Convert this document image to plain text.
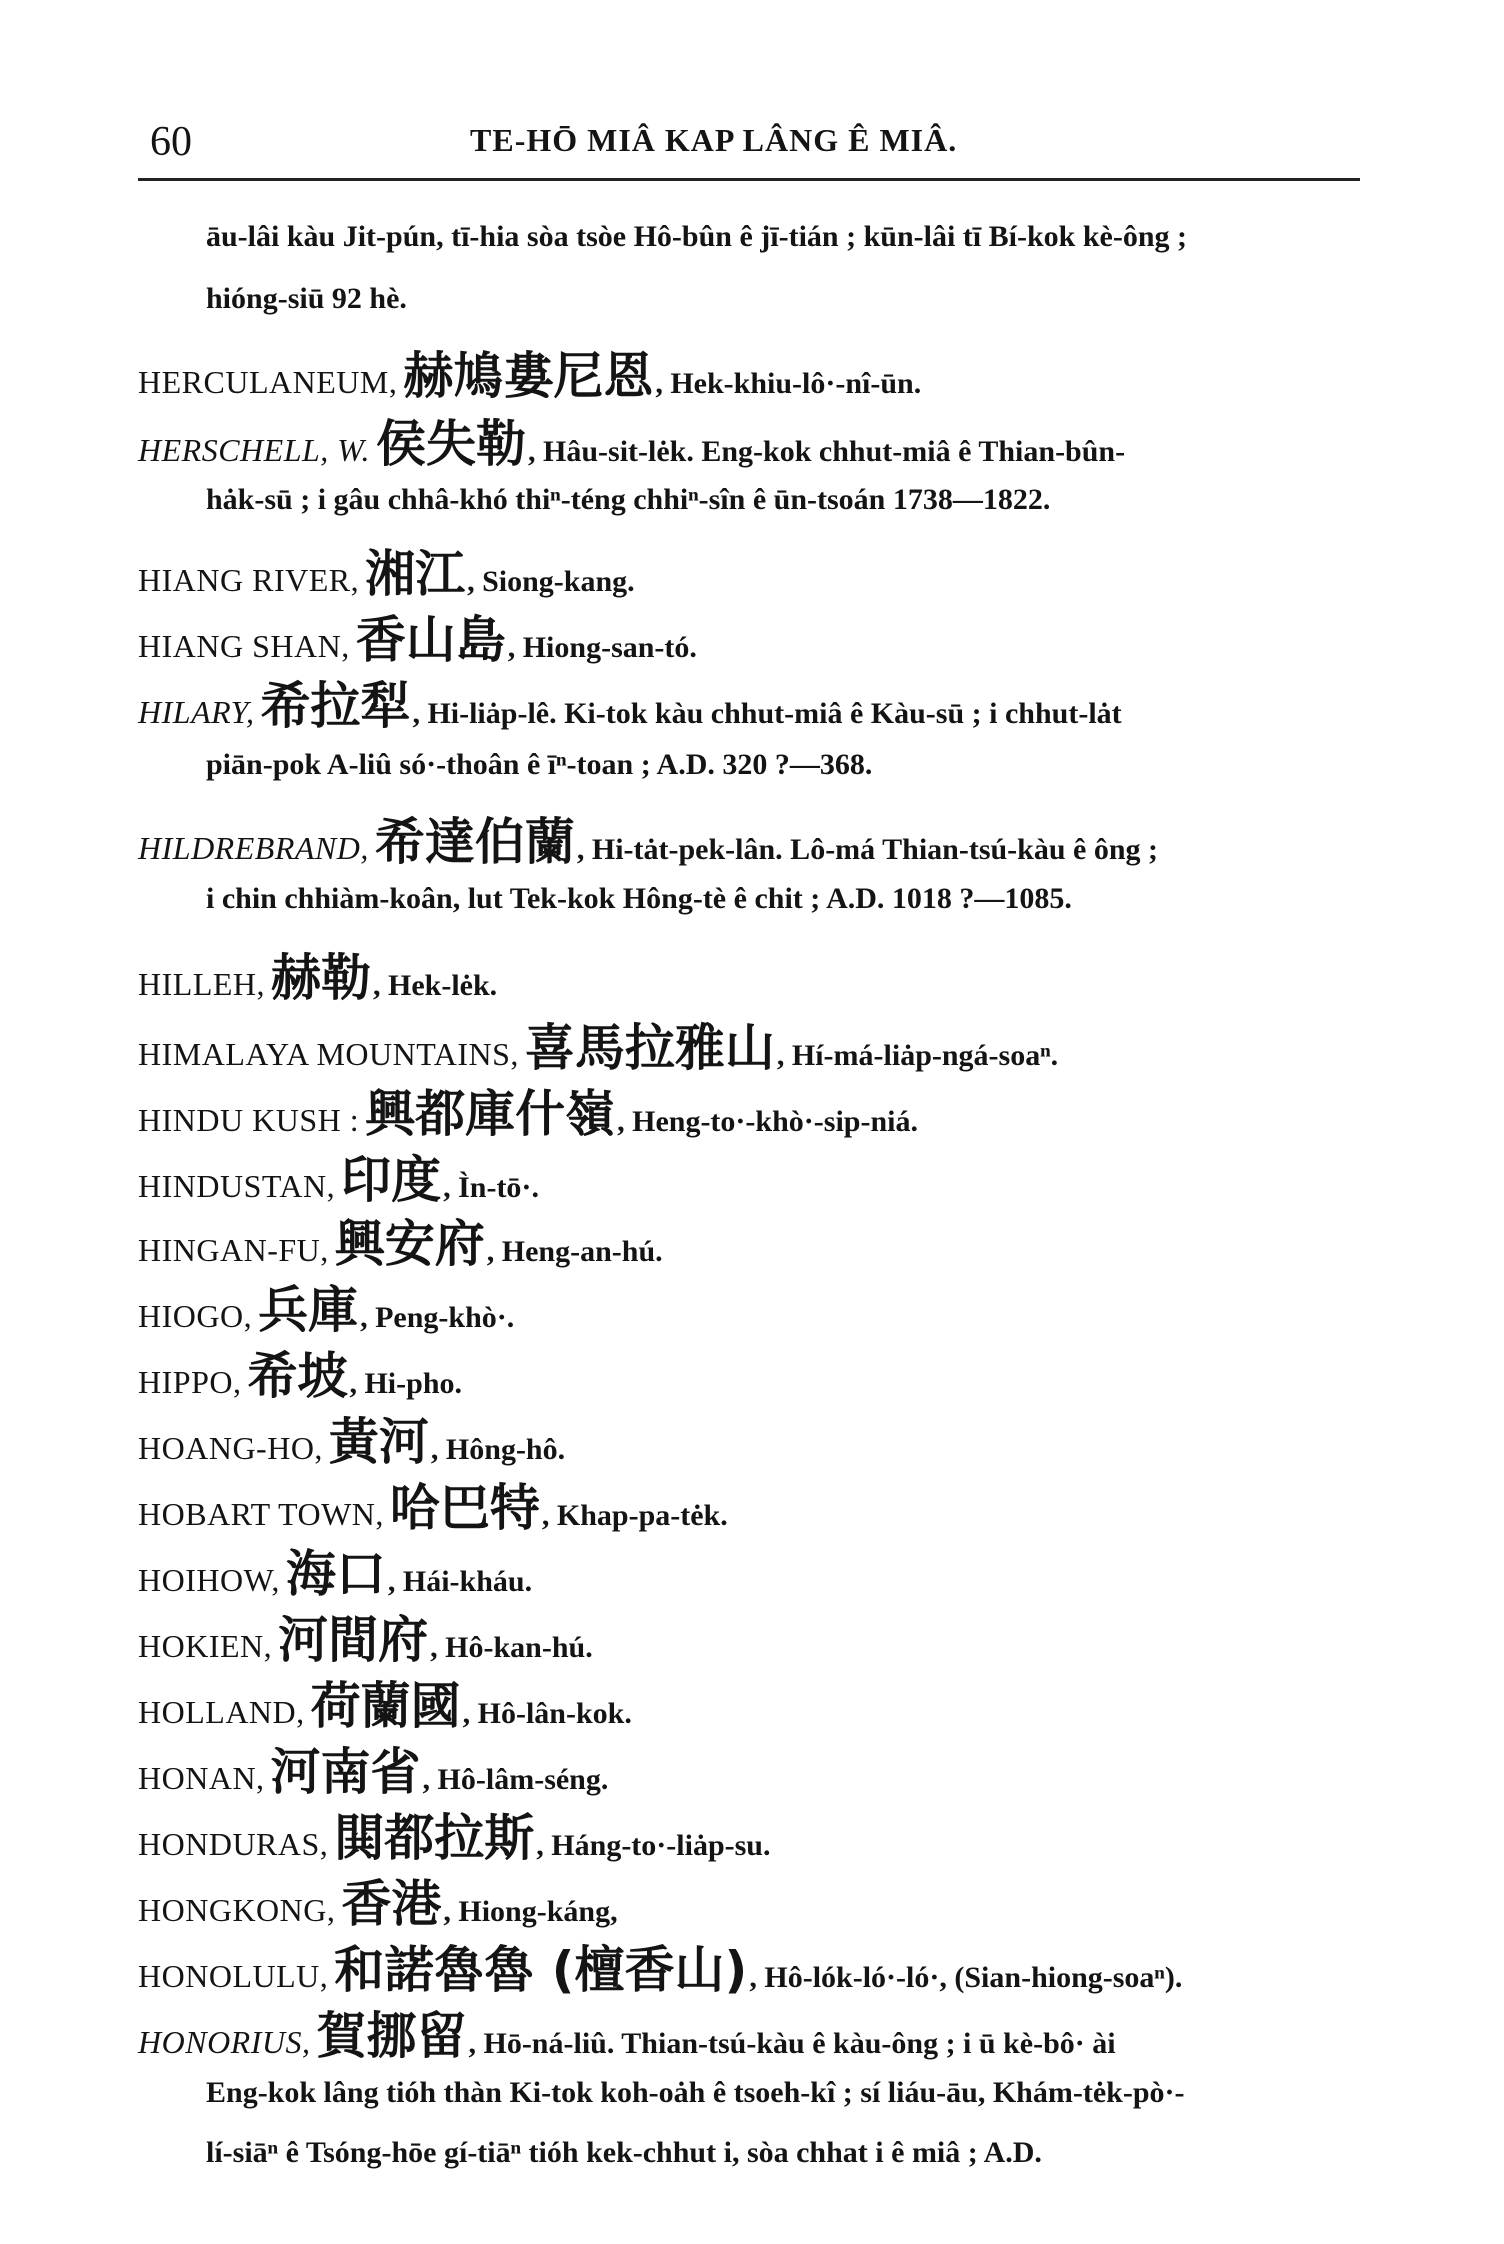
60	TE-HŌ MIÂ KAP LÂNG Ê MIÂ.
āu-lâi kàu Jit-pún, tī-hia sòa tsòe Hô-bûn ê jī-tián ; kūn-lâi tī Bí-kok kè-ông ;
hióng-siū 92 hè.
HERCULANEUM, 赫鳩婁尼恩, Hek-khiu-lô·-nî-ūn.
HERSCHELL, W. 侯失勒, Hâu-sit-lėk. Eng-kok chhut-miâ ê Thian-bûn-
hȧk-sū ; i gâu chhâ-khó thiⁿ-téng chhiⁿ-sîn ê ūn-tsoán 1738—1822.
HIANG RIVER, 湘江, Siong-kang.
HIANG SHAN, 香山島, Hiong-san-tó.
HILARY, 希拉犁, Hi-liȧp-lê. Ki-tok kàu chhut-miâ ê Kàu-sū ; i chhut-lȧt
piān-pok A-liû só·-thoân ê īⁿ-toan ; A.D. 320 ?—368.
HILDREBRAND, 希達伯蘭, Hi-tȧt-pek-lân. Lô-má Thian-tsú-kàu ê ông ;
i chin chhiàm-koân, lut Tek-kok Hông-tè ê chit ; A.D. 1018 ?—1085.
HILLEH, 赫勒, Hek-lėk.
HIMALAYA MOUNTAINS, 喜馬拉雅山, Hí-má-liȧp-ngá-soaⁿ.
HINDU KUSH : 興都庫什嶺, Heng-to·-khò·-sip-niá.
HINDUSTAN, 印度, Ìn-tō·.
HINGAN-FU, 興安府, Heng-an-hú.
HIOGO, 兵庫, Peng-khò·.
HIPPO, 希坡, Hi-pho.
HOANG-HO, 黃河, Hông-hô.
HOBART TOWN, 哈巴特, Khap-pa-tėk.
HOIHOW, 海口, Hái-kháu.
HOKIEN, 河間府, Hô-kan-hú.
HOLLAND, 荷蘭國, Hô-lân-kok.
HONAN, 河南省, Hô-lâm-séng.
HONDURAS, 閧都拉斯, Háng-to·-liȧp-su.
HONGKONG, 香港, Hiong-káng,
HONOLULU, 和諾魯魯 (檀香山), Hô-lók-ló·-ló·, (Sian-hiong-soaⁿ).
HONORIUS, 賀挪留, Hō-ná-liû. Thian-tsú-kàu ê kàu-ông ; i ū kè-bô· ài
Eng-kok lâng tióh thàn Ki-tok koh-oȧh ê tsoeh-kî ; sí liáu-āu, Khám-tėk-pò·-
lí-siāⁿ ê Tsóng-hōe gí-tiāⁿ tióh kek-chhut i, sòa chhat i ê miâ ; A.D.
